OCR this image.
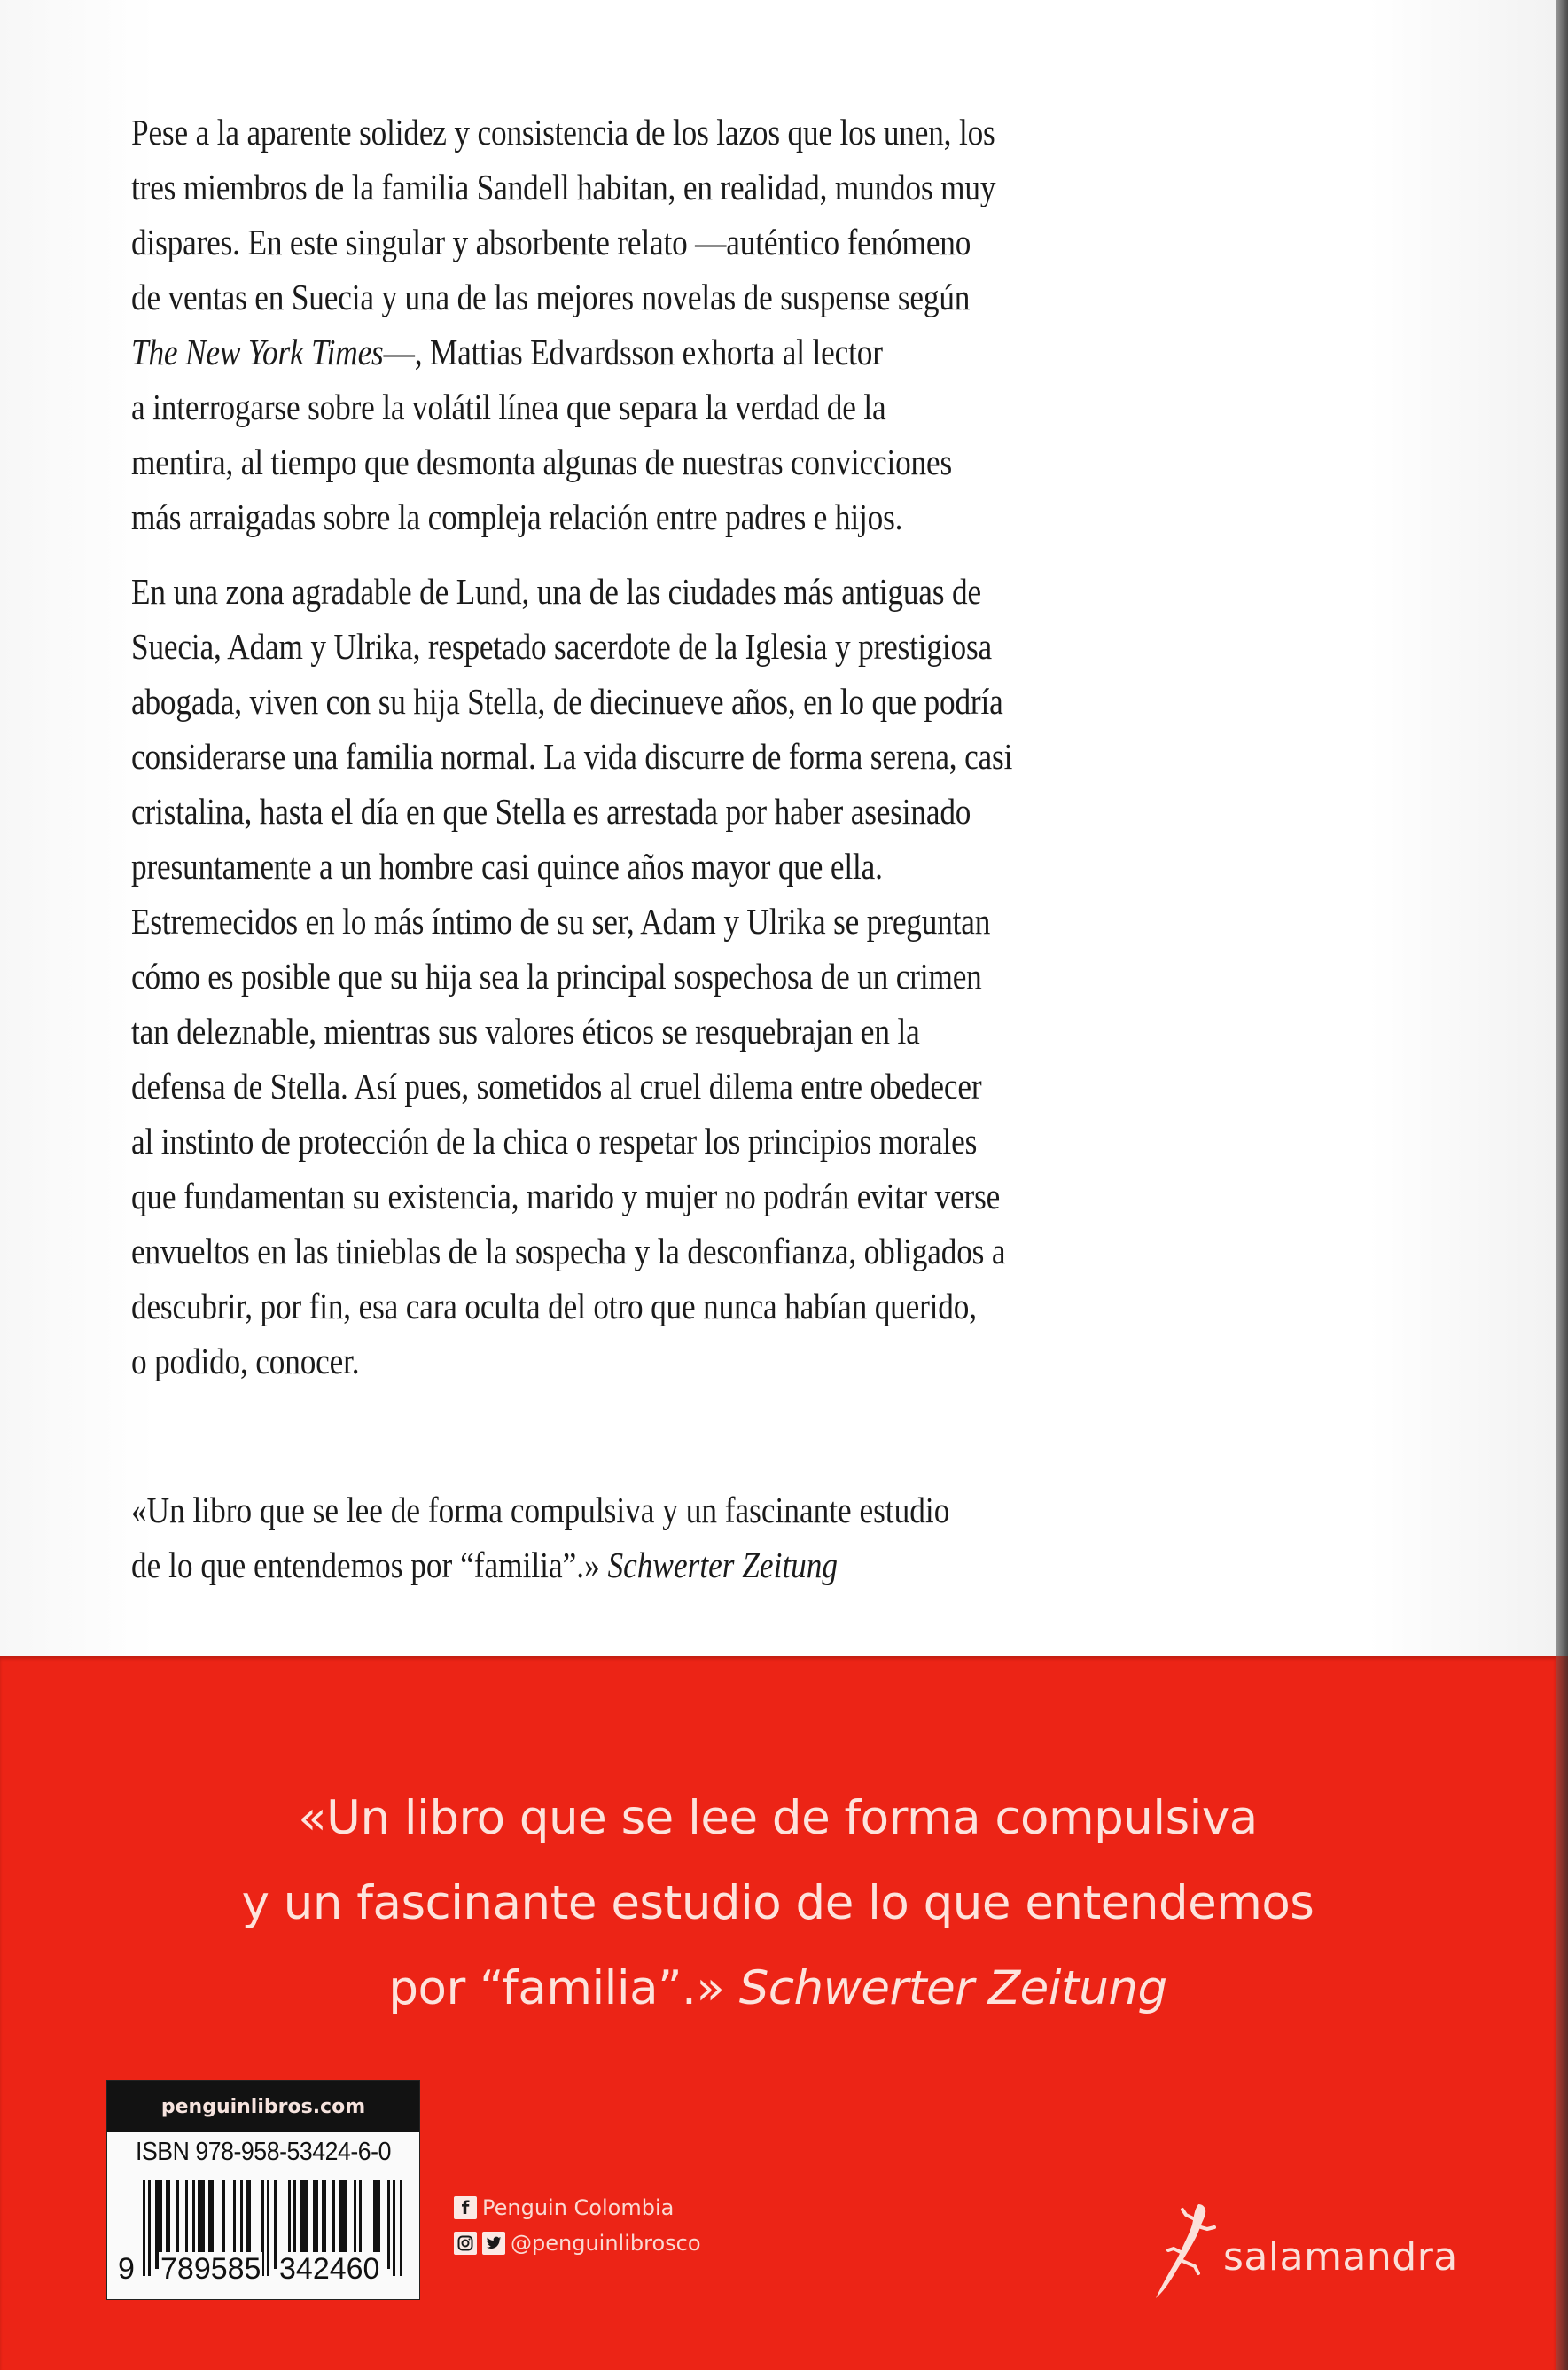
Pese a la aparente solidez y consistencia de los lazos que los unen, los
tres miembros de la familia Sandell habitan, en realidad, mundos muy
dispares. En este singular y absorbente relato —auténtico fenómeno
de ventas en Suecia y una de las mejores novelas de suspense según
The New York Times—, Mattias Edvardsson exhorta al lector
a interrogarse sobre la volátil línea que separa la verdad de la
mentira, al tiempo que desmonta algunas de nuestras convicciones
más arraigadas sobre la compleja relación entre padres e hijos.
En una zona agradable de Lund, una de las ciudades más antiguas de
Suecia, Adam y Ulrika, respetado sacerdote de la Iglesia y prestigiosa
abogada, viven con su hija Stella, de diecinueve años, en lo que podría
considerarse una familia normal. La vida discurre de forma serena, casi
cristalina, hasta el día en que Stella es arrestada por haber asesinado
presuntamente a un hombre casi quince años mayor que ella.
Estremecidos en lo más íntimo de su ser, Adam y Ulrika se preguntan
cómo es posible que su hija sea la principal sospechosa de un crimen
tan deleznable, mientras sus valores éticos se resquebrajan en la
defensa de Stella. Así pues, sometidos al cruel dilema entre obedecer
al instinto de protección de la chica o respetar los principios morales
que fundamentan su existencia, marido y mujer no podrán evitar verse
envueltos en las tinieblas de la sospecha y la desconfianza, obligados a
descubrir, por fin, esa cara oculta del otro que nunca habían querido,
o podido, conocer.
«Un libro que se lee de forma compulsiva y un fascinante estudio
de lo que entendemos por “familia”.» Schwerter Zeitung
«Un libro que se lee de forma compulsiva
y un fascinante estudio de lo que entendemos
por “familia”.» Schwerter Zeitung
penguinlibros.com
ISBN 978-958-53424-6-0
9 789585 342460
f Penguin Colombia
@penguinlibrosco	salamandra
